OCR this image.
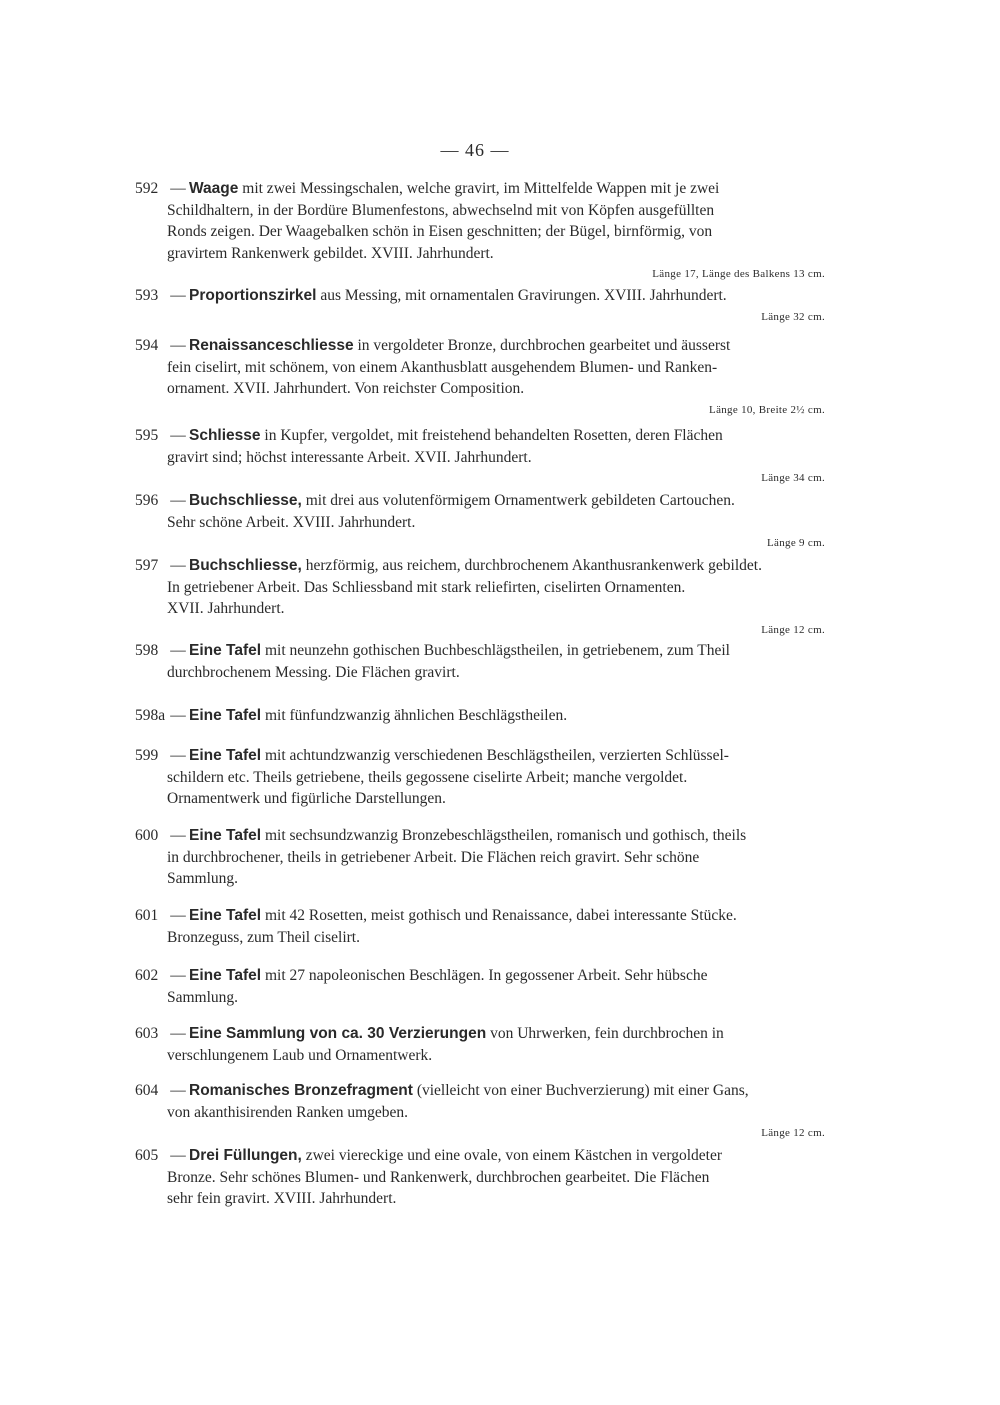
— 46 —
592 — Waage mit zwei Messingschalen, welche gravirt, im Mittelfelde Wappen mit je zwei
Schildhaltern, in der Bordüre Blumenfestons, abwechselnd mit von Köpfen ausgefüllten
Ronds zeigen. Der Waagebalken schön in Eisen geschnitten; der Bügel, birnförmig, von
gravirtem Rankenwerk gebildet. XVIII. Jahrhundert.
Länge 17, Länge des Balkens 13 cm.
593 — Proportionszirkel aus Messing, mit ornamentalen Gravirungen. XVIII. Jahrhundert.
Länge 32 cm.
594 — Renaissanceschliesse in vergoldeter Bronze, durchbrochen gearbeitet und äusserst
fein ciselirt, mit schönem, von einem Akanthusblatt ausgehendem Blumen- und Ranken-
ornament. XVII. Jahrhundert. Von reichster Composition.
Länge 10, Breite 2½ cm.
595 — Schliesse in Kupfer, vergoldet, mit freistehend behandelten Rosetten, deren Flächen
gravirt sind; höchst interessante Arbeit. XVII. Jahrhundert.
Länge 34 cm.
596 — Buchschliesse, mit drei aus volutenförmigem Ornamentwerk gebildeten Cartouchen.
Sehr schöne Arbeit. XVIII. Jahrhundert.
Länge 9 cm.
597 — Buchschliesse, herzförmig, aus reichem, durchbrochenem Akanthusrankenwerk gebildet.
In getriebener Arbeit. Das Schliessband mit stark reliefirten, ciselirten Ornamenten.
XVII. Jahrhundert.
Länge 12 cm.
598 — Eine Tafel mit neunzehn gothischen Buchbeschlägstheilen, in getriebenem, zum Theil
durchbrochenem Messing. Die Flächen gravirt.
598a — Eine Tafel mit fünfundzwanzig ähnlichen Beschlägstheilen.
599 — Eine Tafel mit achtundzwanzig verschiedenen Beschlägstheilen, verzierten Schlüssel-
schildern etc. Theils getriebene, theils gegossene ciselirte Arbeit; manche vergoldet.
Ornamentwerk und figürliche Darstellungen.
600 — Eine Tafel mit sechsundzwanzig Bronzebeschlägstheilen, romanisch und gothisch, theils
in durchbrochener, theils in getriebener Arbeit. Die Flächen reich gravirt. Sehr schöne
Sammlung.
601 — Eine Tafel mit 42 Rosetten, meist gothisch und Renaissance, dabei interessante Stücke.
Bronzeguss, zum Theil ciselirt.
602 — Eine Tafel mit 27 napoleonischen Beschlägen. In gegossener Arbeit. Sehr hübsche
Sammlung.
603 — Eine Sammlung von ca. 30 Verzierungen von Uhrwerken, fein durchbrochen in
verschlungenem Laub und Ornamentwerk.
604 — Romanisches Bronzefragment (vielleicht von einer Buchverzierung) mit einer Gans,
von akanthisirenden Ranken umgeben.
Länge 12 cm.
605 — Drei Füllungen, zwei viereckige und eine ovale, von einem Kästchen in vergoldeter
Bronze. Sehr schönes Blumen- und Rankenwerk, durchbrochen gearbeitet. Die Flächen
sehr fein gravirt. XVIII. Jahrhundert.
